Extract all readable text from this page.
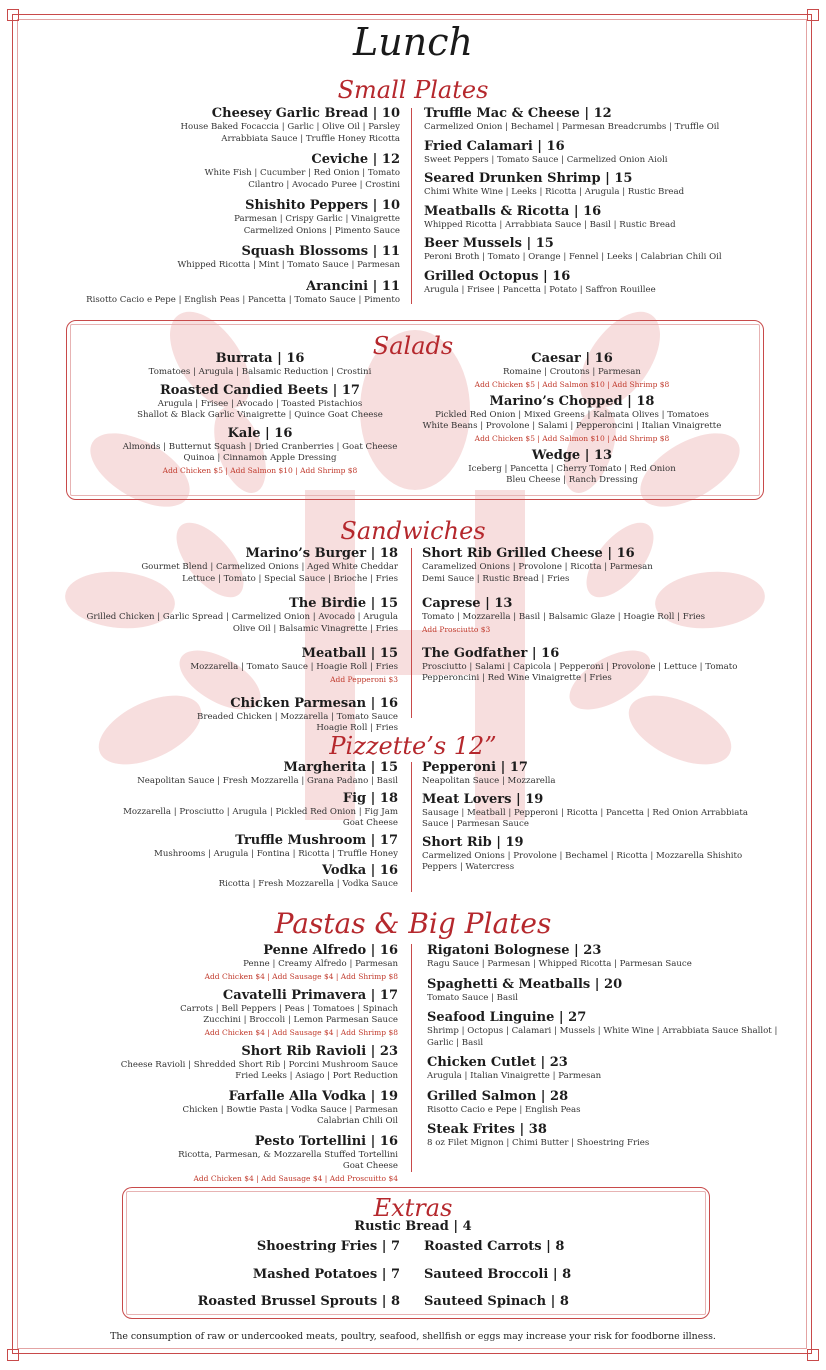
Lunch
Small Plates
Cheesey Garlic Bread | 10
House Baked Focaccia | Garlic | Olive Oil | Parsley
Arrabbiata Sauce | Truffle Honey Ricotta
Ceviche | 12
White Fish | Cucumber | Red Onion | Tomato
Cilantro | Avocado Puree | Crostini
Shishito Peppers | 10
Parmesan | Crispy Garlic | Vinaigrette
Carmelized Onions | Pimento Sauce
Squash Blossoms | 11
Whipped Ricotta | Mint | Tomato Sauce | Parmesan
Arancini | 11
Risotto Cacio e Pepe | English Peas | Pancetta | Tomato Sauce | Pimento
Truffle Mac & Cheese | 12
Carmelized Onion | Bechamel | Parmesan Breadcrumbs | Truffle Oil
Fried Calamari | 16
Sweet Peppers | Tomato Sauce | Carmelized Onion Aioli
Seared Drunken Shrimp | 15
Chimi White Wine | Leeks | Ricotta | Arugula | Rustic Bread
Meatballs & Ricotta | 16
Whipped Ricotta | Arrabbiata Sauce | Basil | Rustic Bread
Beer Mussels | 15
Peroni Broth | Tomato | Orange | Fennel | Leeks | Calabrian Chili Oil
Grilled Octopus | 16
Arugula | Frisee | Pancetta | Potato | Saffron Rouillee
Salads
Burrata | 16
Tomatoes | Arugula | Balsamic Reduction | Crostini
Roasted Candied Beets | 17
Arugula | Frisee | Avocado | Toasted Pistachios
Shallot & Black Garlic Vinaigrette | Quince Goat Cheese
Kale | 16
Almonds | Butternut Squash | Dried Cranberries | Goat Cheese
Quinoa | Cinnamon Apple Dressing
Add Chicken $5 | Add Salmon $10 | Add Shrimp $8
Caesar | 16
Romaine | Croutons | Parmesan
Add Chicken $5 | Add Salmon $10 | Add Shrimp $8
Marino’s Chopped | 18
Pickled Red Onion | Mixed Greens | Kalmata Olives | Tomatoes
White Beans | Provolone | Salami | Pepperoncini | Italian Vinaigrette
Add Chicken $5 | Add Salmon $10 | Add Shrimp $8
Wedge | 13
Iceberg | Pancetta | Cherry Tomato | Red Onion
Bleu Cheese | Ranch Dressing
Sandwiches
Marino’s Burger | 18
Gourmet Blend | Carmelized Onions | Aged White Cheddar
Lettuce | Tomato | Special Sauce | Brioche | Fries
The Birdie | 15
Grilled Chicken | Garlic Spread | Carmelized Onion | Avocado | Arugula
Olive Oil | Balsamic Vinagrette | Fries
Meatball | 15
Mozzarella | Tomato Sauce | Hoagie Roll | Fries
Add Pepperoni $3
Chicken Parmesan | 16
Breaded Chicken | Mozzarella | Tomato Sauce
Hoagie Roll | Fries
Short Rib Grilled Cheese | 16
Caramelized Onions | Provolone | Ricotta | Parmesan
Demi Sauce | Rustic Bread | Fries
Caprese | 13
Tomato | Mozzarella | Basil | Balsamic Glaze | Hoagie Roll | Fries
Add Prosciutto $3
The Godfather | 16
Prosciutto | Salami | Capicola | Pepperoni | Provolone | Lettuce | Tomato
Pepperoncini | Red Wine Vinaigrette | Fries
Pizzette’s 12”
Margherita | 15
Neapolitan Sauce | Fresh Mozzarella | Grana Padano | Basil
Fig | 18
Mozzarella | Prosciutto | Arugula | Pickled Red Onion | Fig Jam
Goat Cheese
Truffle Mushroom | 17
Mushrooms | Arugula | Fontina | Ricotta | Truffle Honey
Vodka | 16
Ricotta | Fresh Mozzarella | Vodka Sauce
Pepperoni | 17
Neapolitan Sauce | Mozzarella
Meat Lovers | 19
Sausage | Meatball | Pepperoni | Ricotta | Pancetta | Red Onion Arrabbiata
Sauce | Parmesan Sauce
Short Rib | 19
Carmelized Onions | Provolone | Bechamel | Ricotta | Mozzarella Shishito
Peppers | Watercress
Pastas & Big Plates
Penne Alfredo | 16
Penne | Creamy Alfredo | Parmesan
Add Chicken $4 | Add Sausage $4 | Add Shrimp $8
Cavatelli Primavera | 17
Carrots | Bell Peppers | Peas | Tomatoes | Spinach
Zucchini | Broccoli | Lemon Parmesan Sauce
Add Chicken $4 | Add Sausage $4 | Add Shrimp $8
Short Rib Ravioli | 23
Cheese Ravioli | Shredded Short Rib | Porcini Mushroom Sauce
Fried Leeks | Asiago | Port Reduction
Farfalle Alla Vodka | 19
Chicken | Bowtie Pasta | Vodka Sauce | Parmesan
Calabrian Chili Oil
Pesto Tortellini | 16
Ricotta, Parmesan, & Mozzarella Stuffed Tortellini
Goat Cheese
Add Chicken $4 | Add Sausage $4 | Add Proscuitto $4
Rigatoni Bolognese | 23
Ragu Sauce | Parmesan | Whipped Ricotta | Parmesan Sauce
Spaghetti & Meatballs | 20
Tomato Sauce | Basil
Seafood Linguine | 27
Shrimp | Octopus | Calamari | Mussels | White Wine | Arrabbiata Sauce Shallot |
Garlic | Basil
Chicken Cutlet | 23
Arugula | Italian Vinaigrette | Parmesan
Grilled Salmon | 28
Risotto Cacio e Pepe | English Peas
Steak Frites | 38
8 oz Filet Mignon | Chimi Butter | Shoestring Fries
Extras
Rustic Bread | 4
Shoestring Fries | 7
Mashed Potatoes | 7
Roasted Brussel Sprouts | 8
Roasted Carrots | 8
Sauteed Broccoli | 8
Sauteed Spinach | 8
The consumption of raw or undercooked meats, poultry, seafood, shellfish or eggs may increase your risk for foodborne illness.
